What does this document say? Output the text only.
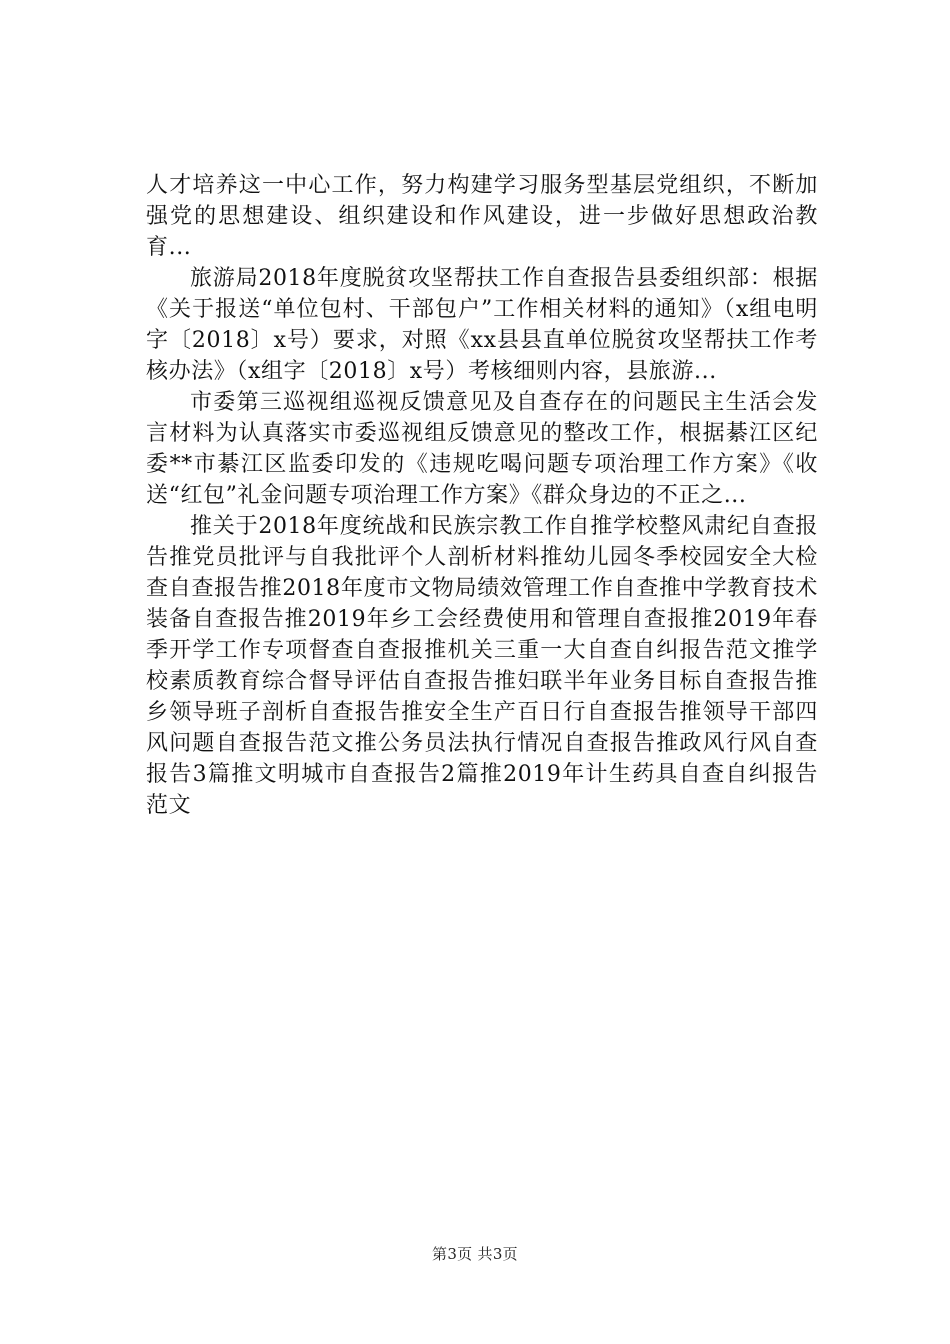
人才培养这一中心工作，努力构建学习服务型基层党组织，不断加强党的思想建设、组织建设和作风建设，进一步做好思想政治教育...

旅游局2018年度脱贫攻坚帮扶工作自查报告县委组织部：根据《关于报送“单位包村、干部包户”工作相关材料的通知》（x组电明字〔2018〕x号）要求，对照《xx县县直单位脱贫攻坚帮扶工作考核办法》（x组字〔2018〕x号）考核细则内容，县旅游...

市委第三巡视组巡视反馈意见及自查存在的问题民主生活会发言材料为认真落实市委巡视组反馈意见的整改工作，根据綦江区纪委**市綦江区监委印发的《违规吃喝问题专项治理工作方案》《收送“红包”礼金问题专项治理工作方案》《群众身边的不正之...

推关于2018年度统战和民族宗教工作自推学校整风肃纪自查报告推党员批评与自我批评个人剖析材料推幼儿园冬季校园安全大检查自查报告推2018年度市文物局绩效管理工作自查推中学教育技术装备自查报告推2019年乡工会经费使用和管理自查报推2019年春季开学工作专项督查自查报推机关三重一大自查自纠报告范文推学校素质教育综合督导评估自查报告推妇联半年业务目标自查报告推乡领导班子剖析自查报告推安全生产百日行自查报告推领导干部四风问题自查报告范文推公务员法执行情况自查报告推政风行风自查报告3篇推文明城市自查报告2篇推2019年计生药具自查自纠报告范文

第3页 共3页
